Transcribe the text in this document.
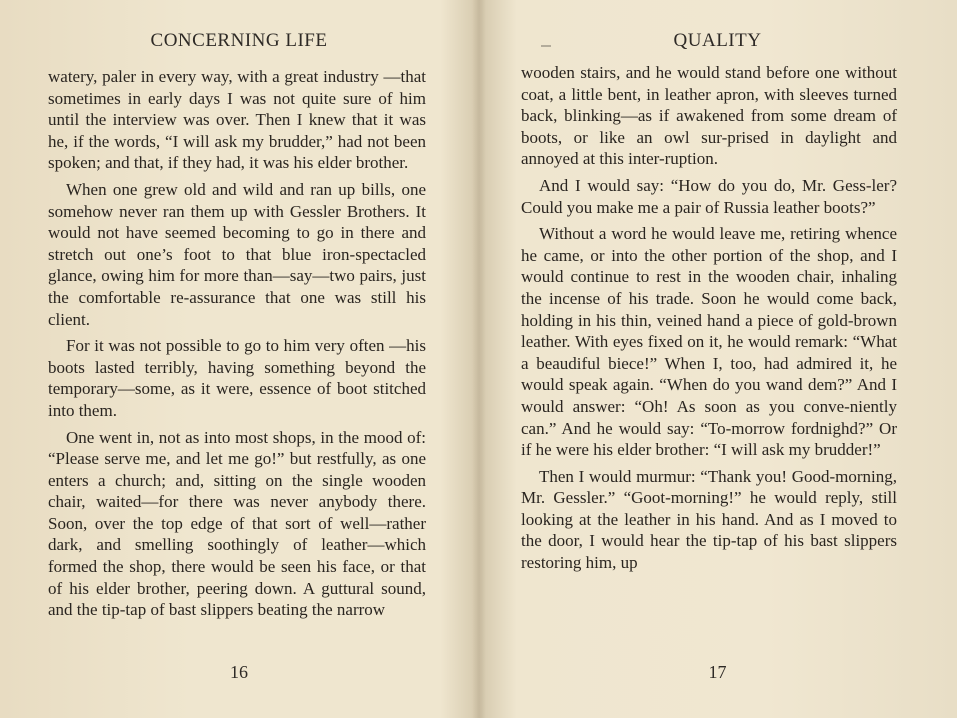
CONCERNING LIFE

watery, paler in every way, with a great industry —that sometimes in early days I was not quite sure of him until the interview was over. Then I knew that it was he, if the words, “I will ask my brudder,” had not been spoken; and that, if they had, it was his elder brother.

When one grew old and wild and ran up bills, one somehow never ran them up with Gessler Brothers. It would not have seemed becoming to go in there and stretch out one’s foot to that blue iron-spectacled glance, owing him for more than—say—two pairs, just the comfortable re-assurance that one was still his client.

For it was not possible to go to him very often —his boots lasted terribly, having something beyond the temporary—some, as it were, essence of boot stitched into them.

One went in, not as into most shops, in the mood of: “Please serve me, and let me go!” but restfully, as one enters a church; and, sitting on the single wooden chair, waited—for there was never anybody there. Soon, over the top edge of that sort of well—rather dark, and smelling soothingly of leather—which formed the shop, there would be seen his face, or that of his elder brother, peering down. A guttural sound, and the tip-tap of bast slippers beating the narrow

16
QUALITY

wooden stairs, and he would stand before one without coat, a little bent, in leather apron, with sleeves turned back, blinking—as if awakened from some dream of boots, or like an owl sur-prised in daylight and annoyed at this inter-ruption.

And I would say: “How do you do, Mr. Gess-ler? Could you make me a pair of Russia leather boots?”

Without a word he would leave me, retiring whence he came, or into the other portion of the shop, and I would continue to rest in the wooden chair, inhaling the incense of his trade. Soon he would come back, holding in his thin, veined hand a piece of gold-brown leather. With eyes fixed on it, he would remark: “What a beaudiful biece!” When I, too, had admired it, he would speak again. “When do you wand dem?” And I would answer: “Oh! As soon as you conve-niently can.” And he would say: “To-morrow fordnighd?” Or if he were his elder brother: “I will ask my brudder!”

Then I would murmur: “Thank you! Good-morning, Mr. Gessler.” “Goot-morning!” he would reply, still looking at the leather in his hand. And as I moved to the door, I would hear the tip-tap of his bast slippers restoring him, up

17
